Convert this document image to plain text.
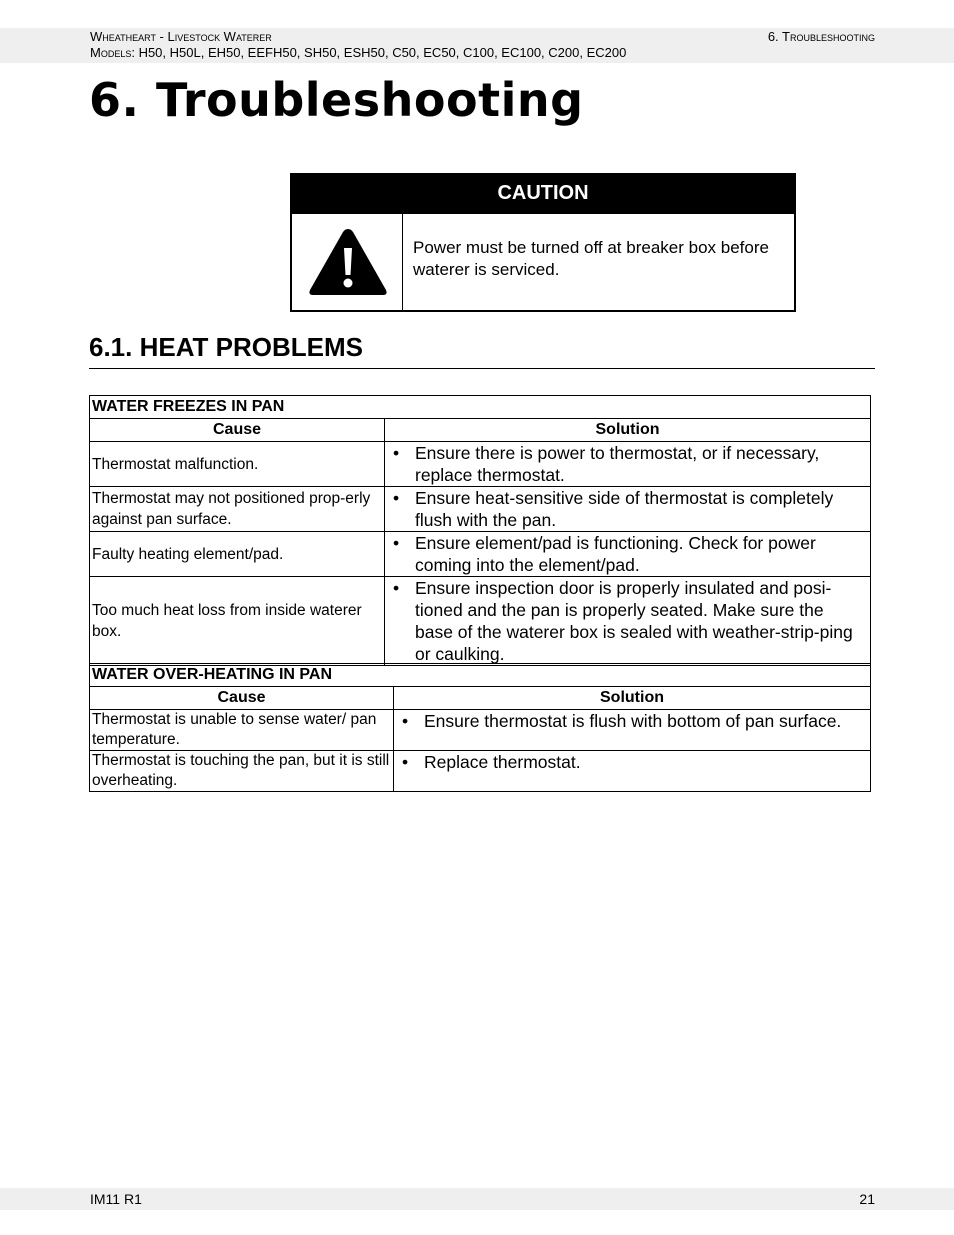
Wheatheart - Livestock Waterer
Models: H50, H50L, EH50, EEFH50, SH50, ESH50, C50, EC50, C100, EC100, C200, EC200
6. Troubleshooting
6. Troubleshooting
CAUTION
Power must be turned off at breaker box before waterer is serviced.
6.1. HEAT PROBLEMS
WATER FREEZES IN PAN	
Cause	Solution
Thermostat malfunction.	• Ensure there is power to thermostat, or if necessary, replace thermostat.

Thermostat may not positioned prop-erly against pan surface.	• Ensure heat-sensitive side of thermostat is completely flush with the pan.

Faulty heating element/pad.	• Ensure element/pad is functioning. Check for power coming into the element/pad.

Too much heat loss from inside waterer box.	• Ensure inspection door is properly insulated and posi-tioned and the pan is properly seated. Make sure the base of the waterer box is sealed with weather-strip-ping or caulking.
WATER OVER-HEATING IN PAN	
Cause	Solution
Thermostat is unable to sense water/ pan temperature.	• Ensure thermostat is flush with bottom of pan surface.

Thermostat is touching the pan, but it is still overheating.	• Replace thermostat.
IM11 R1	21
